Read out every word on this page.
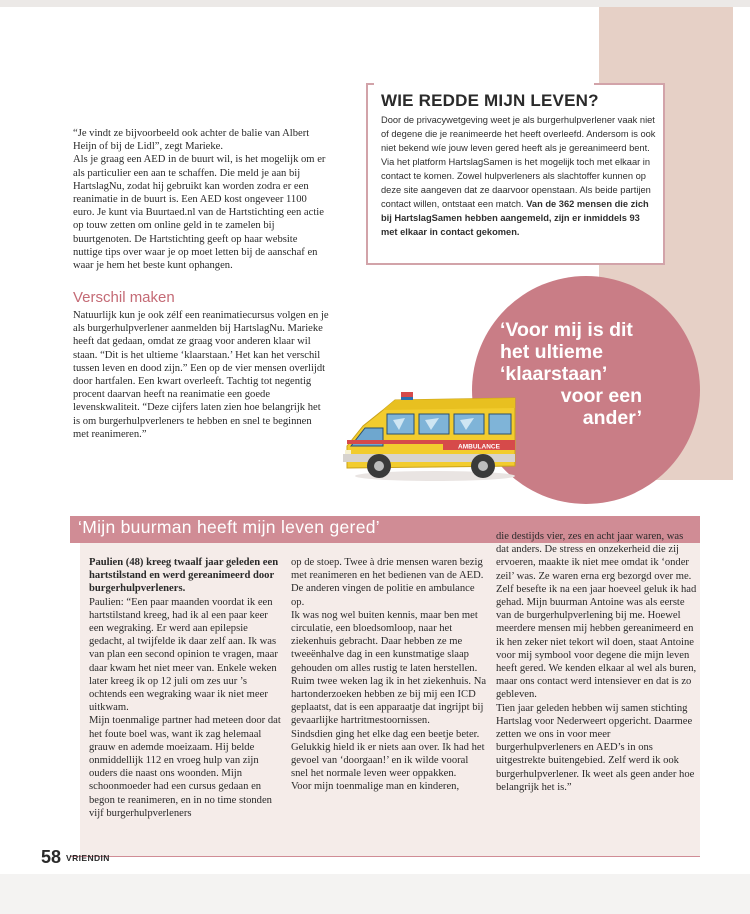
“Je vindt ze bijvoorbeeld ook achter de balie van Albert Heijn of bij de Lidl”, zegt Marieke.

Als je graag een AED in de buurt wil, is het mogelijk om er als particulier een aan te schaffen. Die meld je aan bij HartslagNu, zodat hij gebruikt kan worden zodra er een reanimatie in de buurt is. Een AED kost ongeveer 1100 euro. Je kunt via Buurtaed.nl van de Hartstichting een actie op touw zetten om online geld in te zamelen bij buurtgenoten. De Hartstichting geeft op haar website nuttige tips over waar je op moet letten bij de aanschaf en waar je hem het beste kunt ophangen.

Verschil maken

Natuurlijk kun je ook zélf een reanimatiecursus volgen en je als burgerhulpverlener aanmelden bij HartslagNu. Marieke heeft dat gedaan, omdat ze graag voor anderen klaar wil staan. “Dit is het ultieme ‘klaarstaan.’ Het kan het verschil tussen leven en dood zijn.” Een op de vier mensen overlijdt door hartfalen. Een kwart overleeft. Tachtig tot negentig procent daarvan heeft na reanimatie een goede levenskwaliteit. “Deze cijfers laten zien hoe belangrijk het is om burgerhulpverleners te hebben en snel te beginnen met reanimeren.”

WIE REDDE MIJN LEVEN?
Door de privacywetgeving weet je als burgerhulpverlener vaak niet of degene die je reanimeerde het heeft overleefd. Andersom is ook niet bekend wíe jouw leven gered heeft als je gereanimeerd bent. Via het platform HartslagSamen is het mogelijk toch met elkaar in contact te komen. Zowel hulpverleners als slachtoffer kunnen op deze site aangeven dat ze daarvoor openstaan. Als beide partijen contact willen, ontstaat een match. Van de 362 mensen die zich bij HartslagSamen hebben aangemeld, zijn er inmiddels 93 met elkaar in contact gekomen.
‘Voor mij is dit
het ultieme
‘klaarstaan’
voor een
ander’
AMBULANCE
‘Mijn buurman heeft mijn leven gered’

Paulien (48) kreeg twaalf jaar geleden een hartstilstand en werd gereanimeerd door burgerhulpverleners.

Paulien: “Een paar maanden voordat ik een hartstilstand kreeg, had ik al een paar keer een wegraking. Er werd aan epilepsie gedacht, al twijfelde ik daar zelf aan. Ik was van plan een second opinion te vragen, maar daar kwam het niet meer van. Enkele weken later kreeg ik op 12 juli om zes uur ’s ochtends een wegraking waar ik niet meer uitkwam.

Mijn toenmalige partner had meteen door dat het foute boel was, want ik zag helemaal grauw en ademde moeizaam. Hij belde onmiddellijk 112 en vroeg hulp van zijn ouders die naast ons woonden. Mijn schoonmoeder had een cursus gedaan en begon te reanimeren, en in no time stonden vijf burgerhulpverleners

op de stoep. Twee à drie mensen waren bezig met reanimeren en het bedienen van de AED. De anderen vingen de politie en ambulance op.

Ik was nog wel buiten kennis, maar ben met circulatie, een bloedsomloop, naar het ziekenhuis gebracht. Daar hebben ze me tweeënhalve dag in een kunstmatige slaap gehouden om alles rustig te laten herstellen. Ruim twee weken lag ik in het ziekenhuis. Na hartonderzoeken hebben ze bij mij een ICD geplaatst, dat is een apparaatje dat ingrijpt bij gevaarlijke hartritmestoornissen.

Sindsdien ging het elke dag een beetje beter. Gelukkig hield ik er niets aan over. Ik had het gevoel van ‘doorgaan!’ en ik wilde vooral snel het normale leven weer oppakken.

Voor mijn toenmalige man en kinderen,

die destijds vier, zes en acht jaar waren, was dat anders. De stress en onzekerheid die zij ervoeren, maakte ik niet mee omdat ik ‘onder zeil’ was. Ze waren erna erg bezorgd over me.

Zelf besefte ik na een jaar hoeveel geluk ik had gehad. Mijn buurman Antoine was als eerste van de burgerhulpverlening bij me. Hoewel meerdere mensen mij hebben gereanimeerd en ik hen zeker niet tekort wil doen, staat Antoine voor mij symbool voor degene die mijn leven heeft gered. We kenden elkaar al wel als buren, maar ons contact werd intensiever en dat is zo gebleven.

Tien jaar geleden hebben wij samen stichting Hartslag voor Nederweert opgericht. Daarmee zetten we ons in voor meer burgerhulpverleners en AED’s in ons uitgestrekte buitengebied. Zelf werd ik ook burgerhulpverlener. Ik weet als geen ander hoe belangrijk het is.”

58 VRIENDIN
